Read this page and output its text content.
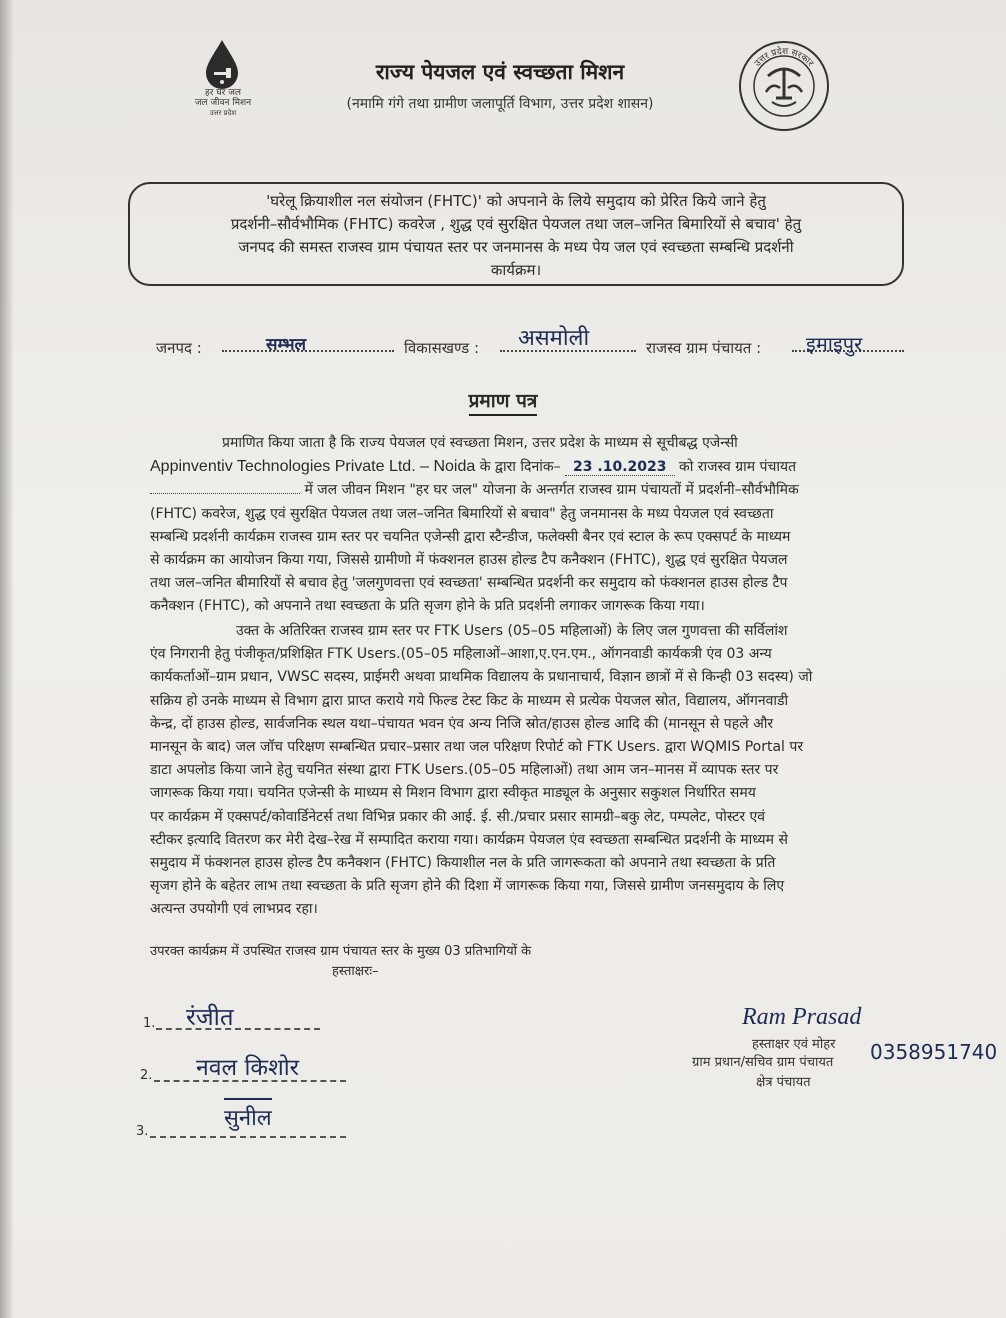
हर घर जल
जल जीवन मिशन
उत्तर प्रदेश
राज्य पेयजल एवं स्वच्छता मिशन
(नमामि गंगे तथा ग्रामीण जलापूर्ति विभाग, उत्तर प्रदेश शासन)
उत्तर प्रदेश सरकार
'घरेलू क्रियाशील नल संयोजन (FHTC)' को अपनाने के लिये समुदाय को प्रेरित किये जाने हेतु
प्रदर्शनी–सौर्वभौमिक (FHTC) कवरेज , शुद्ध एवं सुरक्षित पेयजल तथा जल–जनित बिमारियों से बचाव' हेतु
जनपद की समस्त राजस्व ग्राम पंचायत स्तर पर जनमानस के मध्य पेय जल एवं स्वच्छता सम्बन्धि प्रदर्शनी
कार्यक्रम।
जनपद :	सम्भल	विकासखण्ड : असमोली	राजस्व ग्राम पंचायत : इमाइपुर
प्रमाण पत्र
प्रमाणित किया जाता है कि राज्य पेयजल एवं स्वच्छता मिशन, उत्तर प्रदेश के माध्यम से सूचीबद्ध एजेन्सी
Appinventiv Technologies Private Ltd. – Noida के द्वारा दिनांक– 23 .10.2023 को राजस्व ग्राम पंचायत
में जल जीवन मिशन "हर घर जल" योजना के अन्तर्गत राजस्व ग्राम पंचायतों में प्रदर्शनी–सौर्वभौमिक
(FHTC) कवरेज, शुद्ध एवं सुरक्षित पेयजल तथा जल–जनित बिमारियों से बचाव" हेतु जनमानस के मध्य पेयजल एवं स्वच्छता
सम्बन्धि प्रदर्शनी कार्यक्रम राजस्व ग्राम स्तर पर चयनित एजेन्सी द्वारा स्टैन्डीज, फलेक्सी बैनर एवं स्टाल के रूप एक्सपर्ट के माध्यम
से कार्यक्रम का आयोजन किया गया, जिससे ग्रामीणो में फंक्शनल हाउस होल्ड टैप कनैक्शन (FHTC), शुद्ध एवं सुरक्षित पेयजल
तथा जल–जनित बीमारियों से बचाव हेतु 'जलगुणवत्ता एवं स्वच्छता' सम्बन्धित प्रदर्शनी कर समुदाय को फंक्शनल हाउस होल्ड टैप
कनैक्शन (FHTC), को अपनाने तथा स्वच्छता के प्रति सृजग होने के प्रति प्रदर्शनी लगाकर जागरूक किया गया।
उक्त के अतिरिक्त राजस्व ग्राम स्तर पर FTK Users (05–05 महिलाओं) के लिए जल गुणवत्ता की सर्विलांश
एंव निगरानी हेतु पंजीकृत/प्रशिक्षित FTK Users.(05–05 महिलाओं–आशा,ए.एन.एम., ऑगनवाडी कार्यकत्री एंव 03 अन्य
कार्यकर्ताओं–ग्राम प्रधान, VWSC सदस्य, प्राईमरी अथवा प्राथमिक विद्यालय के प्रधानाचार्य, विज्ञान छात्रों में से किन्ही 03 सदस्य) जो
सक्रिय हो उनके माध्यम से विभाग द्वारा प्राप्त कराये गये फिल्ड टेस्ट किट के माध्यम से प्रत्येक पेयजल स्रोत, विद्यालय, ऑगनवाडी
केन्द्र, दों हाउस होल्ड, सार्वजनिक स्थल यथा–पंचायत भवन एंव अन्य निजि स्रोत/हाउस होल्ड आदि की (मानसून से पहले और
मानसून के बाद) जल जॉच परिक्षण सम्बन्धित प्रचार–प्रसार तथा जल परिक्षण रिपोर्ट को FTK Users. द्वारा WQMIS Portal पर
डाटा अपलोड किया जाने हेतु चयनित संस्था द्वारा FTK Users.(05–05 महिलाओं) तथा आम जन–मानस में व्यापक स्तर पर
जागरूक किया गया। चयनित एजेन्सी के माध्यम से मिशन विभाग द्वारा स्वीकृत माड्यूल के अनुसार सकुशल निर्धारित समय
पर कार्यक्रम में एक्सपर्ट/कोवार्डिनेटर्स तथा विभिन्न प्रकार की आई. ई. सी./प्रचार प्रसार सामग्री–बकु लेट, पम्पलेट, पोस्टर एवं
स्टीकर इत्यादि वितरण कर मेरी देख–रेख में सम्पादित कराया गया। कार्यक्रम पेयजल एंव स्वच्छता सम्बन्धित प्रदर्शनी के माध्यम से
समुदाय में फंक्शनल हाउस होल्ड टैप कनैक्शन (FHTC) कियाशील नल के प्रति जागरूकता को अपनाने तथा स्वच्छता के प्रति
सृजग होने के बहेतर लाभ तथा स्वच्छता के प्रति सृजग होने की दिशा में जागरूक किया गया, जिससे ग्रामीण जनसमुदाय के लिए
अत्यन्त उपयोगी एवं लाभप्रद रहा।
उपरक्त कार्यक्रम में उपस्थित राजस्व ग्राम पंचायत स्तर के मुख्य 03 प्रतिभागियों के
हस्ताक्षरः–
1. रंजीत
2. नवल किशोर
3.
सुनील
Ram Prasad
हस्ताक्षर एवं मोहर
ग्राम प्रधान/सचिव ग्राम पंचायत 0358951740
क्षेत्र पंचायत
